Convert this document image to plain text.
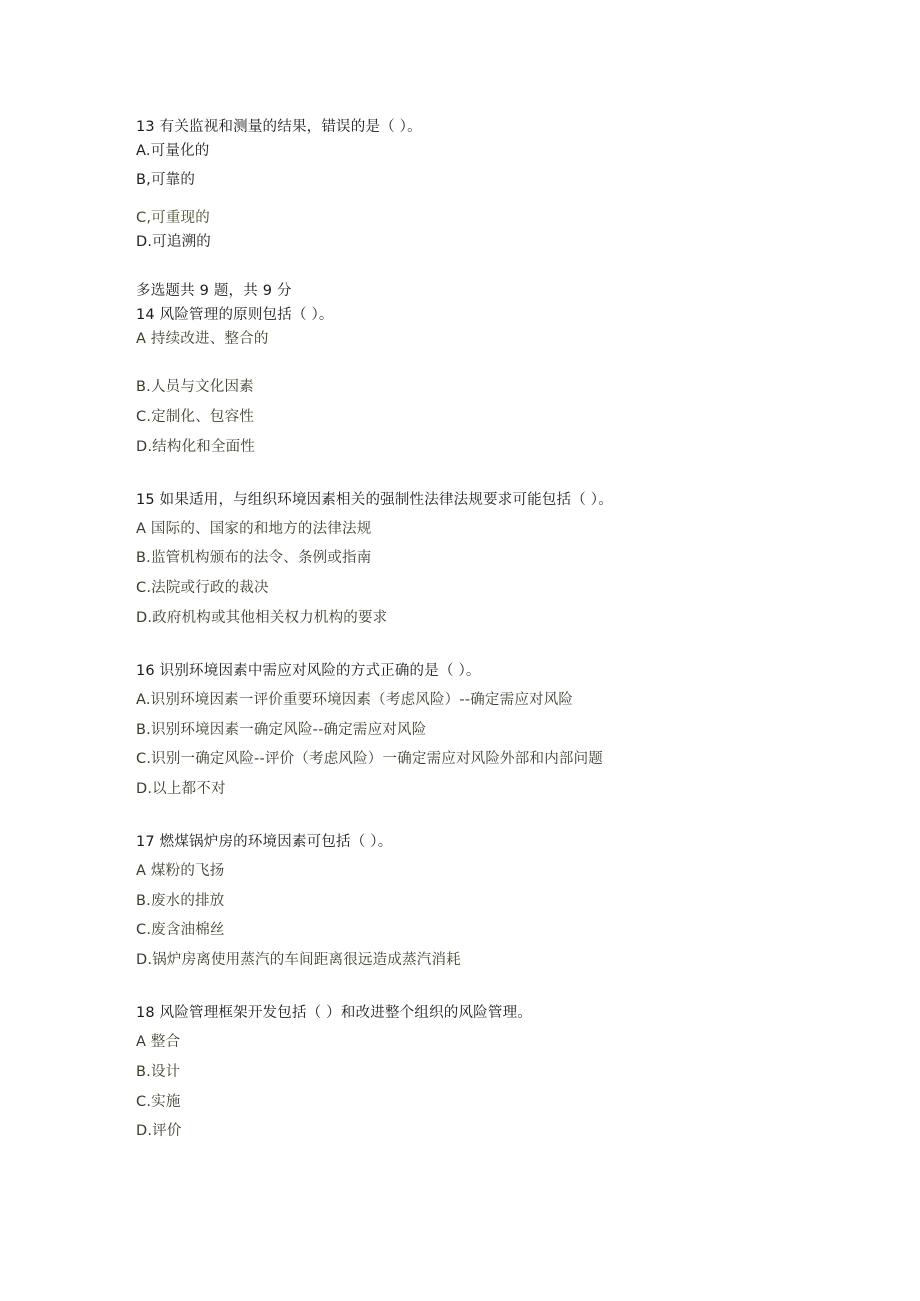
13 有关监视和测量的结果，错误的是（ ）。
A.可量化的
B,可靠的
C,可重现的
D.可追溯的
多选题共 9 题，共 9 分
14 风险管理的原则包括（ ）。
A 持续改进、整合的
B.人员与文化因素
C.定制化、包容性
D.结构化和全面性
15 如果适用，与组织环境因素相关的强制性法律法规要求可能包括（ ）。
A 国际的、国家的和地方的法律法规
B.监管机构颁布的法令、条例或指南
C.法院或行政的裁决
D.政府机构或其他相关权力机构的要求
16 识别环境因素中需应对风险的方式正确的是（ ）。
A.识别环境因素一评价重要环境因素（考虑风险）--确定需应对风险
B.识别环境因素一确定风险--确定需应对风险
C.识别一确定风险--评价（考虑风险）一确定需应对风险外部和内部问题
D.以上都不对
17 燃煤锅炉房的环境因素可包括（ ）。
A 煤粉的飞扬
B.废水的排放
C.废含油棉丝
D.锅炉房离使用蒸汽的车间距离很远造成蒸汽消耗
18 风险管理框架开发包括（ ）和改进整个组织的风险管理。
A 整合
B.设计
C.实施
D.评价
